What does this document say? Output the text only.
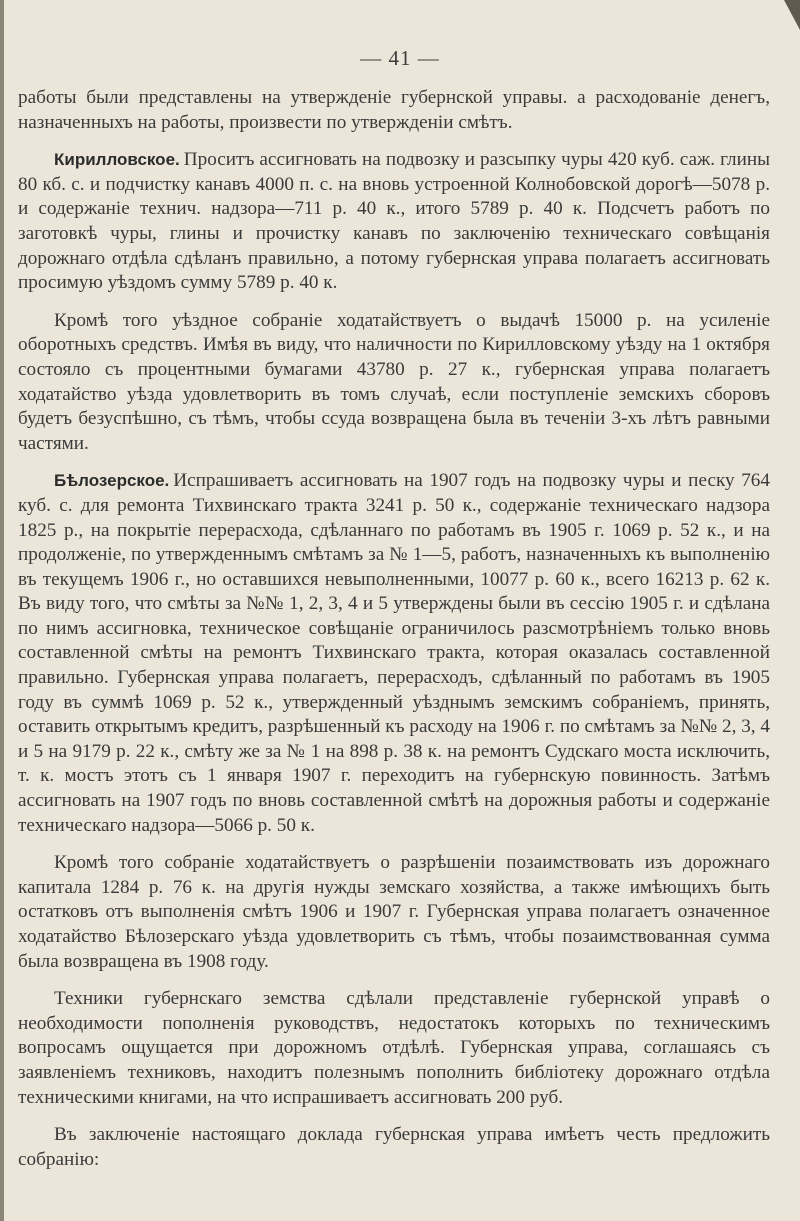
— 41 —

работы были представлены на утвержденіе губернской управы. а расходованіе денегъ, назначенныхъ на работы, произвести по утвержденіи смѣтъ.

Кирилловское. Проситъ ассигновать на подвозку и разсыпку чуры 420 куб. саж. глины 80 кб. с. и подчистку канавъ 4000 п. с. на вновь устроенной Колнобовской дорогѣ—5078 р. и содержаніе технич. надзора—711 р. 40 к., итого 5789 р. 40 к. Подсчетъ работъ по заготовкѣ чуры, глины и прочистку канавъ по заключенію техническаго совѣщанія дорожнаго отдѣла сдѣланъ правильно, а потому губернская управа полагаетъ ассигновать просимую уѣздомъ сумму 5789 р. 40 к.

Кромѣ того уѣздное собраніе ходатайствуетъ о выдачѣ 15000 р. на усиленіе оборотныхъ средствъ. Имѣя въ виду, что наличности по Кирилловскому уѣзду на 1 октября состояло съ процентными бумагами 43780 р. 27 к., губернская управа полагаетъ ходатайство уѣзда удовлетворить въ томъ случаѣ, если поступленіе земскихъ сборовъ будетъ безуспѣшно, съ тѣмъ, чтобы ссуда возвращена была въ теченіи 3-хъ лѣтъ равными частями.

Бѣлозерское. Испрашиваетъ ассигновать на 1907 годъ на подвозку чуры и песку 764 куб. с. для ремонта Тихвинскаго тракта 3241 р. 50 к., содержаніе техническаго надзора 1825 р., на покрытіе перерасхода, сдѣланнаго по работамъ въ 1905 г. 1069 р. 52 к., и на продолженіе, по утвержденнымъ смѣтамъ за № 1—5, работъ, назначенныхъ къ выполненію въ текущемъ 1906 г., но оставшихся невыполненными, 10077 р. 60 к., всего 16213 р. 62 к. Въ виду того, что смѣты за №№ 1, 2, 3, 4 и 5 утверждены были въ сессію 1905 г. и сдѣлана по нимъ ассигновка, техническое совѣщаніе ограничилось разсмотрѣніемъ только вновь составленной смѣты на ремонтъ Тихвинскаго тракта, которая оказалась составленной правильно. Губернская управа полагаетъ, перерасходъ, сдѣланный по работамъ въ 1905 году въ суммѣ 1069 р. 52 к., утвержденный уѣзднымъ земскимъ собраніемъ, принять, оставить открытымъ кредитъ, разрѣшенный къ расходу на 1906 г. по смѣтамъ за №№ 2, 3, 4 и 5 на 9179 р. 22 к., смѣту же за № 1 на 898 р. 38 к. на ремонтъ Судскаго моста исключить, т. к. мостъ этотъ съ 1 января 1907 г. переходитъ на губернскую повинность. Затѣмъ ассигновать на 1907 годъ по вновь составленной смѣтѣ на дорожныя работы и содержаніе техническаго надзора—5066 р. 50 к.

Кромѣ того собраніе ходатайствуетъ о разрѣшеніи позаимствовать изъ дорожнаго капитала 1284 р. 76 к. на другія нужды земскаго хозяйства, а также имѣющихъ быть остатковъ отъ выполненія смѣтъ 1906 и 1907 г. Губернская управа полагаетъ означенное ходатайство Бѣлозерскаго уѣзда удовлетворить съ тѣмъ, чтобы позаимствованная сумма была возвращена въ 1908 году.

Техники губернскаго земства сдѣлали представленіе губернской управѣ о необходимости пополненія руководствъ, недостатокъ которыхъ по техническимъ вопросамъ ощущается при дорожномъ отдѣлѣ. Губернская управа, соглашаясь съ заявленіемъ техниковъ, находитъ полезнымъ пополнить библіотеку дорожнаго отдѣла техническими книгами, на что испрашиваетъ ассигновать 200 руб.

Въ заключеніе настоящаго доклада губернская управа имѣетъ честь предложить собранію:
